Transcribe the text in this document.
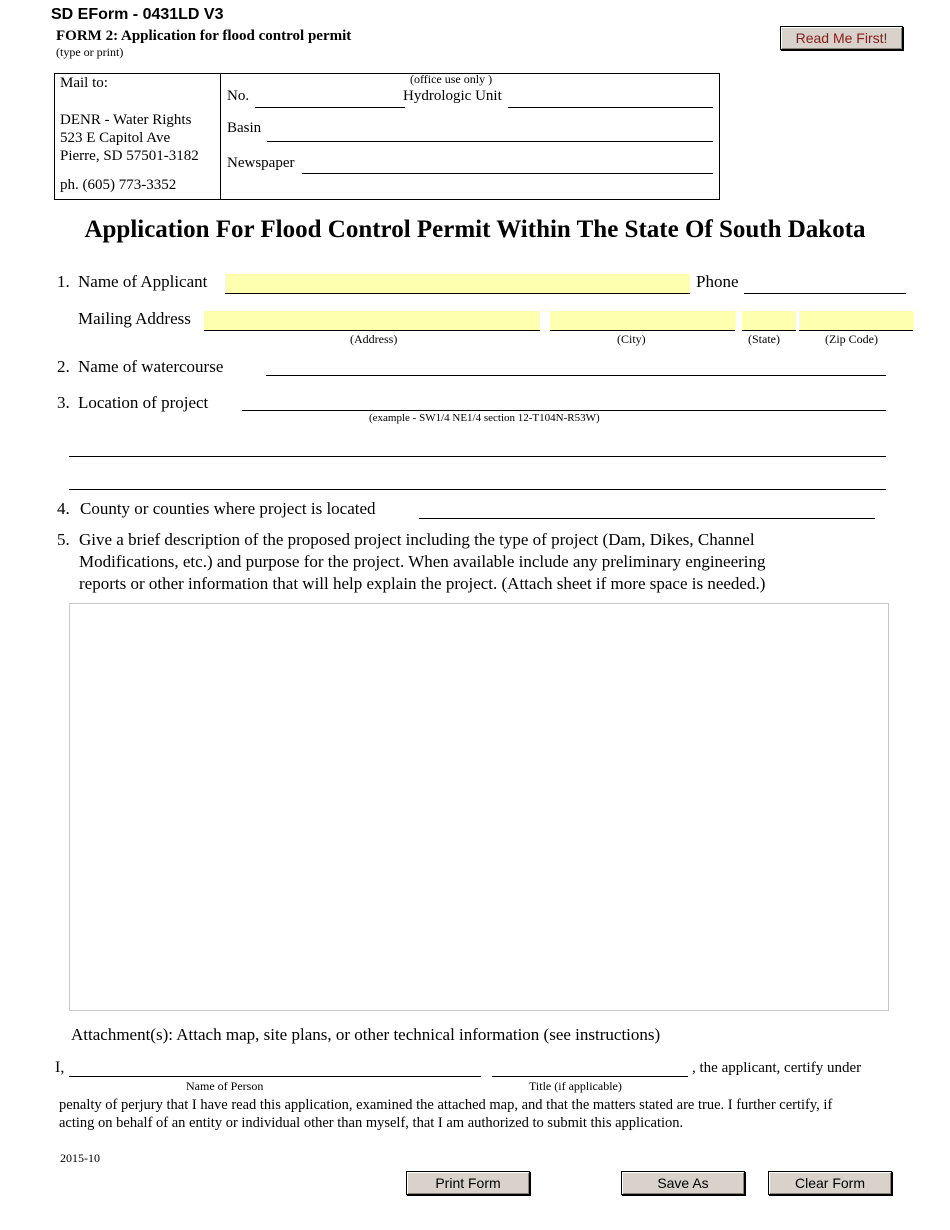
SD EForm - 0431LD V3
FORM 2: Application for flood control permit
(type or print)
Read Me First!
Mail to:
DENR - Water Rights
523 E Capitol Ave
Pierre, SD 57501-3182
ph. (605) 773-3352
(office use only )
No.	Hydrologic Unit
Basin
Newspaper
Application For Flood Control Permit Within The State Of South Dakota
1. Name of Applicant	Phone
Mailing Address
(Address)	(City)	(State)	(Zip Code)
2. Name of watercourse
3. Location of project
(example - SW1/4 NE1/4 section 12-T104N-R53W)
4. County or counties where project is located
5. Give a brief description of the proposed project including the type of project (Dam, Dikes, Channel
Modifications, etc.) and purpose for the project. When available include any preliminary engineering
reports or other information that will help explain the project. (Attach sheet if more space is needed.)
Attachment(s): Attach map, site plans, or other technical information (see instructions)
I,	, the applicant, certify under
Name of Person	Title (if applicable)
penalty of perjury that I have read this application, examined the attached map, and that the matters stated are true. I further certify, if
acting on behalf of an entity or individual other than myself, that I am authorized to submit this application.
2015-10
Print Form	Save As	Clear Form
